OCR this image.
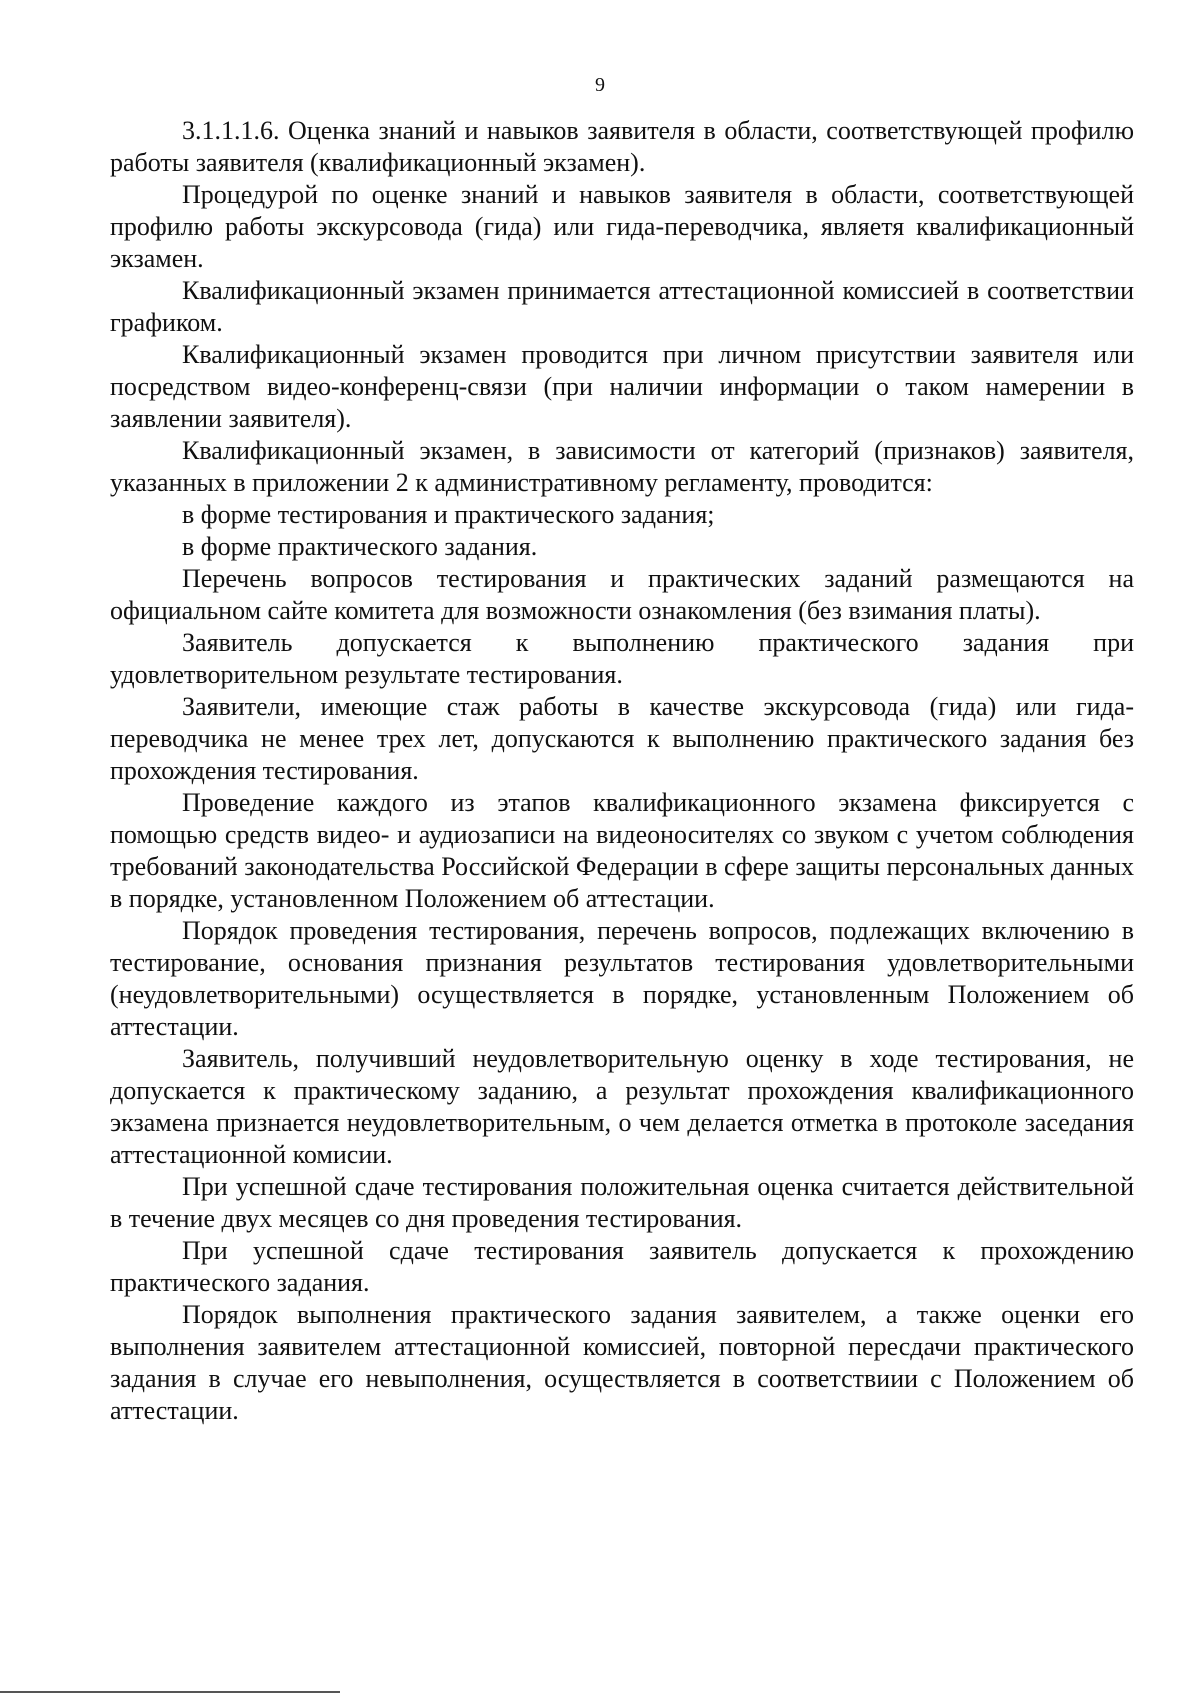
9

3.1.1.1.6. Оценка знаний и навыков заявителя в области, соответствующей профилю работы заявителя (квалификационный экзамен).

Процедурой по оценке знаний и навыков заявителя в области, соответствующей профилю работы экскурсовода (гида) или гида-переводчика, являетя квалификационный экзамен.

Квалификационный экзамен принимается аттестационной комиссией в соответствии графиком.

Квалификационный экзамен проводится при личном присутствии заявителя или посредством видео-конференц-связи (при наличии информации о таком намерении в заявлении заявителя).

Квалификационный экзамен, в зависимости от категорий (признаков) заявителя, указанных в приложении 2 к административному регламенту, проводится:

в форме тестирования и практического задания;

в форме практического задания.

Перечень вопросов тестирования и практических заданий размещаются на официальном сайте комитета для возможности ознакомления (без взимания платы).

Заявитель допускается к выполнению практического задания при удовлетворительном результате тестирования.

Заявители, имеющие стаж работы в качестве экскурсовода (гида) или гида-переводчика не менее трех лет, допускаются к выполнению практического задания без прохождения тестирования.

Проведение каждого из этапов квалификационного экзамена фиксируется с помощью средств видео- и аудиозаписи на видеоносителях со звуком с учетом соблюдения требований законодательства Российской Федерации в сфере защиты персональных данных в порядке, установленном Положением об аттестации.

Порядок проведения тестирования, перечень вопросов, подлежащих включению в тестирование, основания признания результатов тестирования удовлетворительными (неудовлетворительными) осуществляется в порядке, установленным Положением об аттестации.

Заявитель, получивший неудовлетворительную оценку в ходе тестирования, не допускается к практическому заданию, а результат прохождения квалификационного экзамена признается неудовлетворительным, о чем делается отметка в протоколе заседания аттестационной комисии.

При успешной сдаче тестирования положительная оценка считается действительной в течение двух месяцев со дня проведения тестирования.

При успешной сдаче тестирования заявитель допускается к прохождению практического задания.

Порядок выполнения практического задания заявителем, а также оценки его выполнения заявителем аттестационной комиссией, повторной пересдачи практического задания в случае его невыполнения, осуществляется в соответствиии с Положением об аттестации.
